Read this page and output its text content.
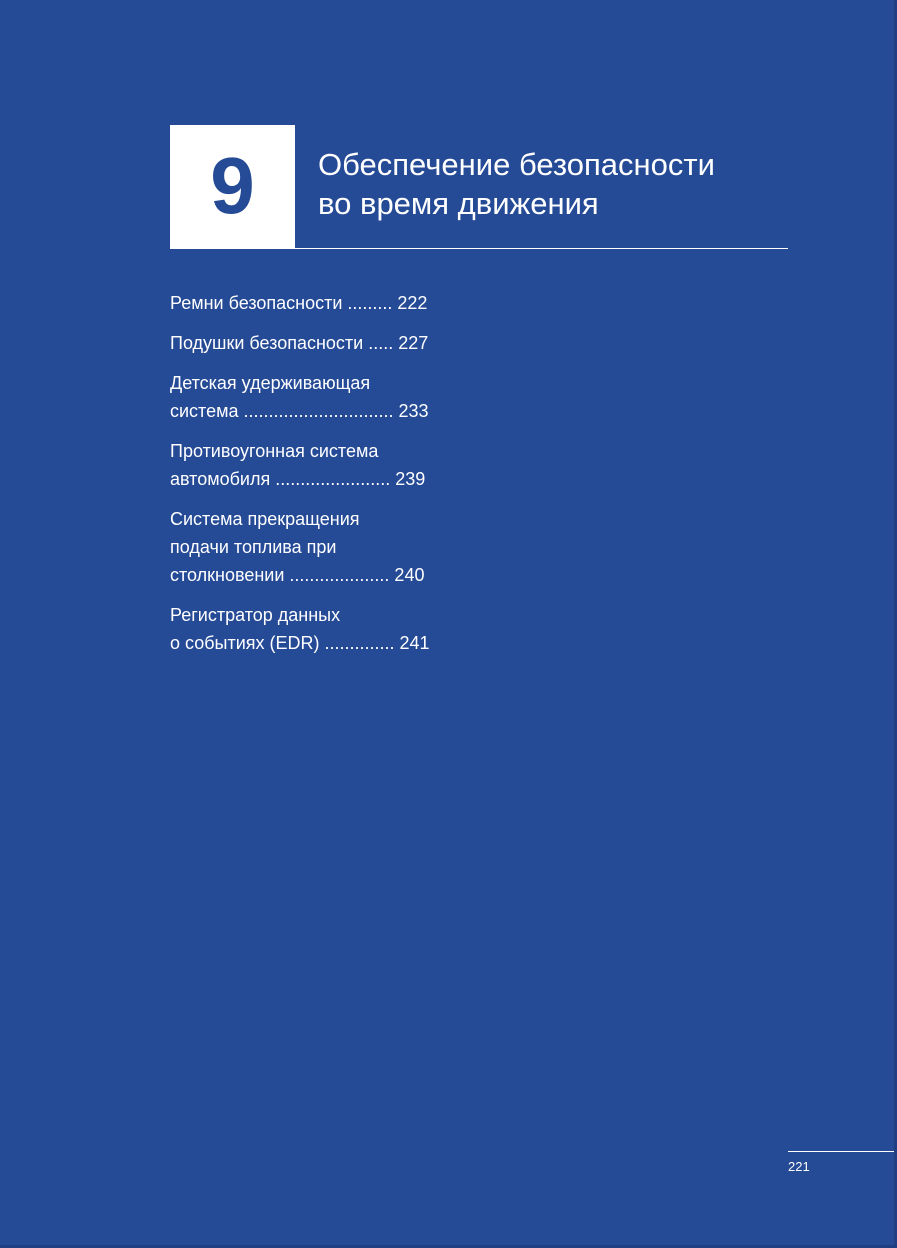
9 Обеспечение безопасности
во время движения
Ремни безопасности ......... 222
Подушки безопасности ..... 227
Детская удерживающая
система .............................. 233
Противоугонная система
автомобиля ....................... 239
Система прекращения
подачи топлива при
столкновении .................... 240
Регистратор данных
о событиях (EDR) .............. 241
221
